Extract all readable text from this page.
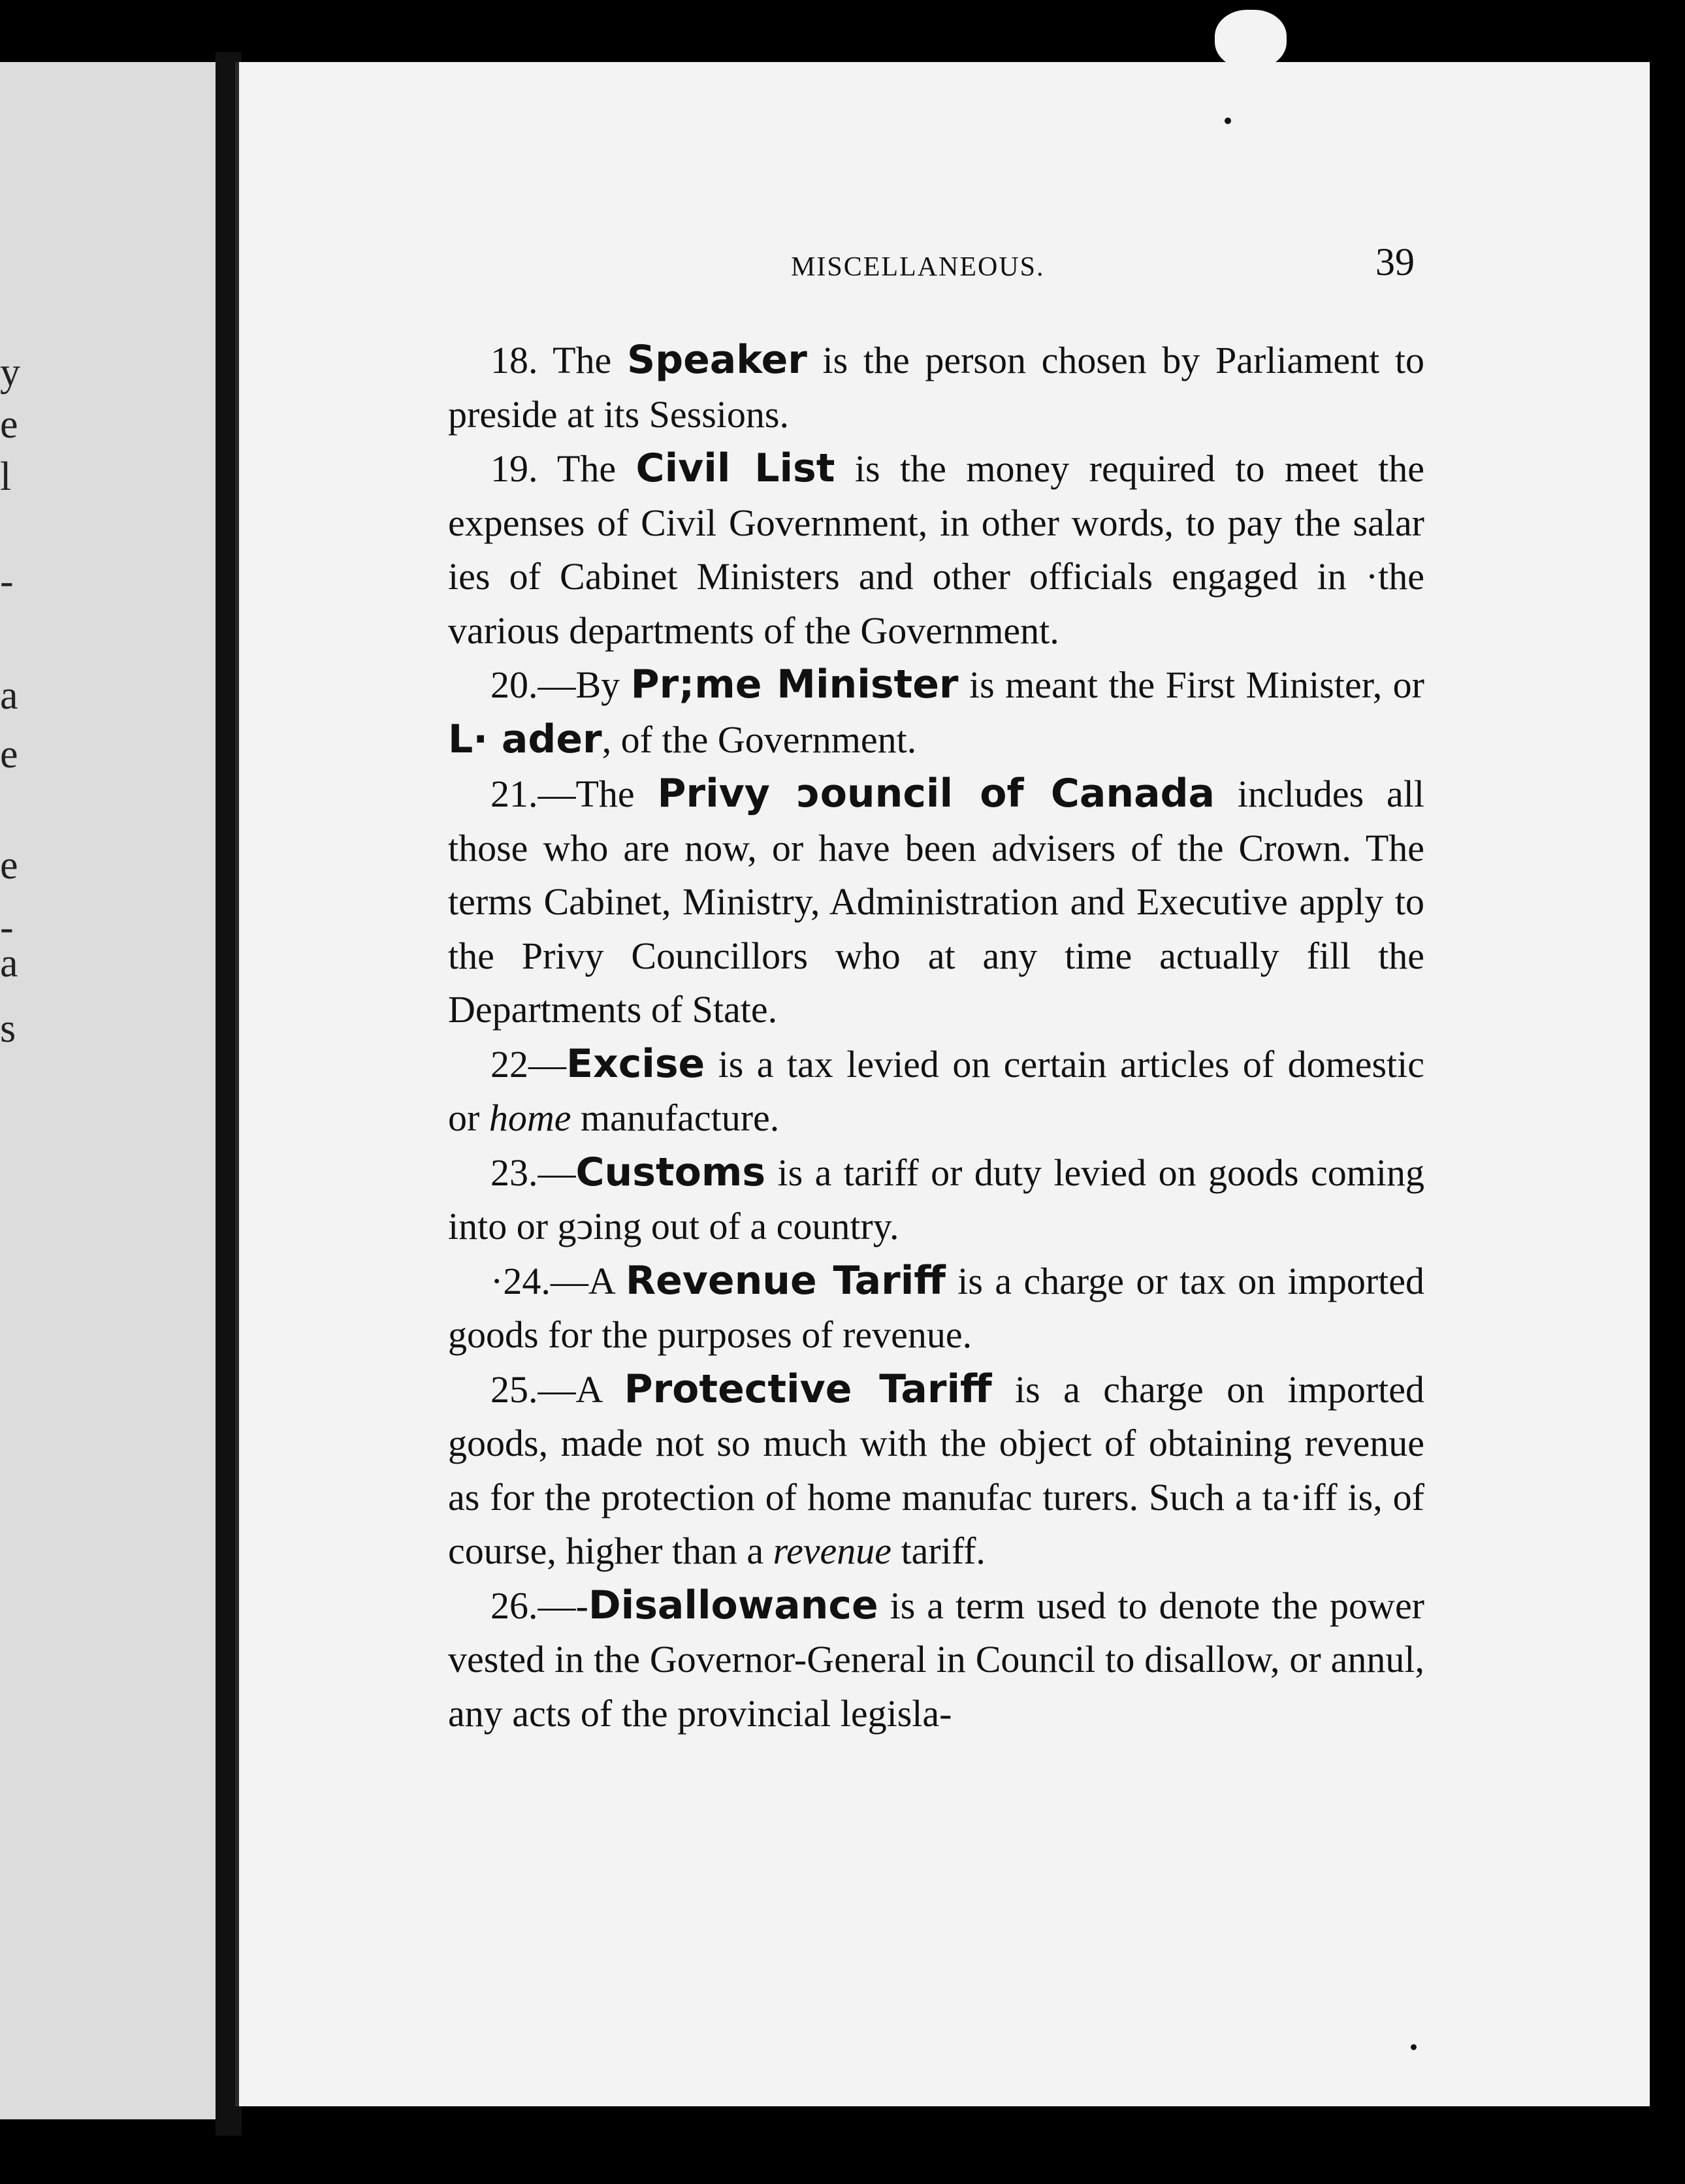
y
e
l
-
a
e
e
-
a
s
MISCELLANEOUS.	39

18. The Speaker is the person chosen by Parliament to preside at its Sessions.

19. The Civil List is the money required to meet the expenses of Civil Government, in other words, to pay the salar ies of Cabinet Ministers and other officials engaged in ·the various departments of the Government.

20.—By Pr;me Minister is meant the First Minister, or L· ader, of the Government.

21.—The Privy ↄouncil of Canada includes all those who are now, or have been advisers of the Crown. The terms Cabinet, Ministry, Administration and Executive apply to the Privy Councillors who at any time actually fill the Departments of State.

22—Excise is a tax levied on certain articles of domestic or home manufacture.

23.—Customs is a tariff or duty levied on goods coming into or gↄing out of a country.

·24.—A Revenue Tariff is a charge or tax on imported goods for the purposes of revenue.

25.—A Protective Tariff is a charge on imported goods, made not so much with the object of obtaining revenue as for the protection of home manufac turers. Such a ta·iff is, of course, higher than a revenue tariff.

26.—-Disallowance is a term used to denote the power vested in the Governor-General in Council to disallow, or annul, any acts of the provincial legisla-
